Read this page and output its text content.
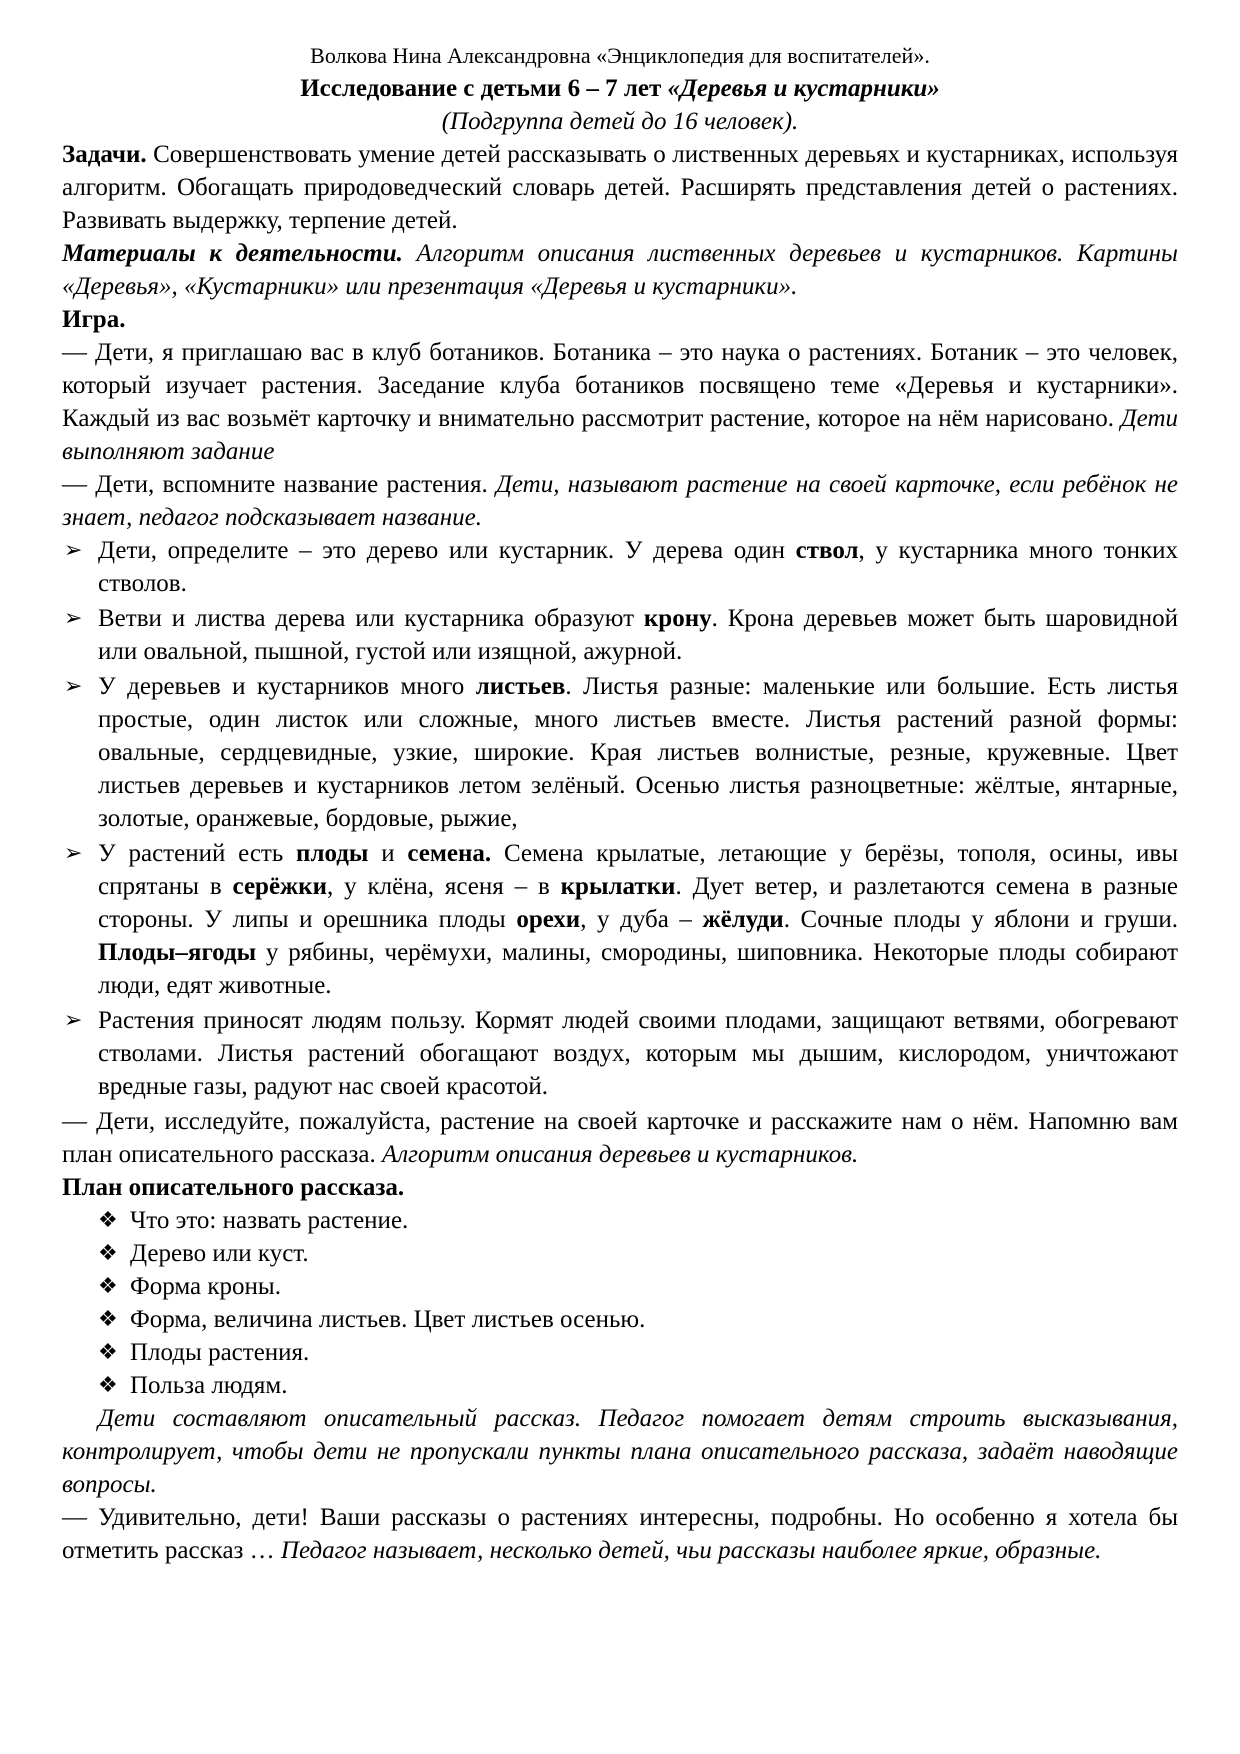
Волкова Нина Александровна «Энциклопедия для воспитателей».

Исследование с детьми 6 – 7 лет «Деревья и кустарники»

(Подгруппа детей до 16 человек).

Задачи. Совершенствовать умение детей рассказывать о лиственных деревьях и кустарниках, используя алгоритм. Обогащать природоведческий словарь детей. Расширять представления детей о растениях. Развивать выдержку, терпение детей.

Материалы к деятельности. Алгоритм описания лиственных деревьев и кустарников. Картины «Деревья», «Кустарники» или презентация «Деревья и кустарники».

Игра.

— Дети, я приглашаю вас в клуб ботаников. Ботаника – это наука о растениях. Ботаник – это человек, который изучает растения. Заседание клуба ботаников посвящено теме «Деревья и кустарники». Каждый из вас возьмёт карточку и внимательно рассмотрит растение, которое на нём нарисовано. Дети выполняют задание

— Дети, вспомните название растения. Дети, называют растение на своей карточке, если ребёнок не знает, педагог подсказывает название.

➢ Дети, определите – это дерево или кустарник. У дерева один ствол, у кустарника много тонких стволов.
➢ Ветви и листва дерева или кустарника образуют крону. Крона деревьев может быть шаровидной или овальной, пышной, густой или изящной, ажурной.
➢ У деревьев и кустарников много листьев. Листья разные: маленькие или большие. Есть листья простые, один листок или сложные, много листьев вместе. Листья растений разной формы: овальные, сердцевидные, узкие, широкие. Края листьев волнистые, резные, кружевные. Цвет листьев деревьев и кустарников летом зелёный. Осенью листья разноцветные: жёлтые, янтарные, золотые, оранжевые, бордовые, рыжие,
➢ У растений есть плоды и семена. Семена крылатые, летающие у берёзы, тополя, осины, ивы спрятаны в серёжки, у клёна, ясеня – в крылатки. Дует ветер, и разлетаются семена в разные стороны. У липы и орешника плоды орехи, у дуба – жёлуди. Сочные плоды у яблони и груши. Плоды–ягоды у рябины, черёмухи, малины, смородины, шиповника. Некоторые плоды собирают люди, едят животные.
➢ Растения приносят людям пользу. Кормят людей своими плодами, защищают ветвями, обогревают стволами. Листья растений обогащают воздух, которым мы дышим, кислородом, уничтожают вредные газы, радуют нас своей красотой.

— Дети, исследуйте, пожалуйста, растение на своей карточке и расскажите нам о нём. Напомню вам план описательного рассказа. Алгоритм описания деревьев и кустарников.

План описательного рассказа.

❖ Что это: назвать растение.
❖ Дерево или куст.
❖ Форма кроны.
❖ Форма, величина листьев. Цвет листьев осенью.
❖ Плоды растения.
❖ Польза людям.

Дети составляют описательный рассказ. Педагог помогает детям строить высказывания, контролирует, чтобы дети не пропускали пункты плана описательного рассказа, задаёт наводящие вопросы.

— Удивительно, дети! Ваши рассказы о растениях интересны, подробны. Но особенно я хотела бы отметить рассказ … Педагог называет, несколько детей, чьи рассказы наиболее яркие, образные.
